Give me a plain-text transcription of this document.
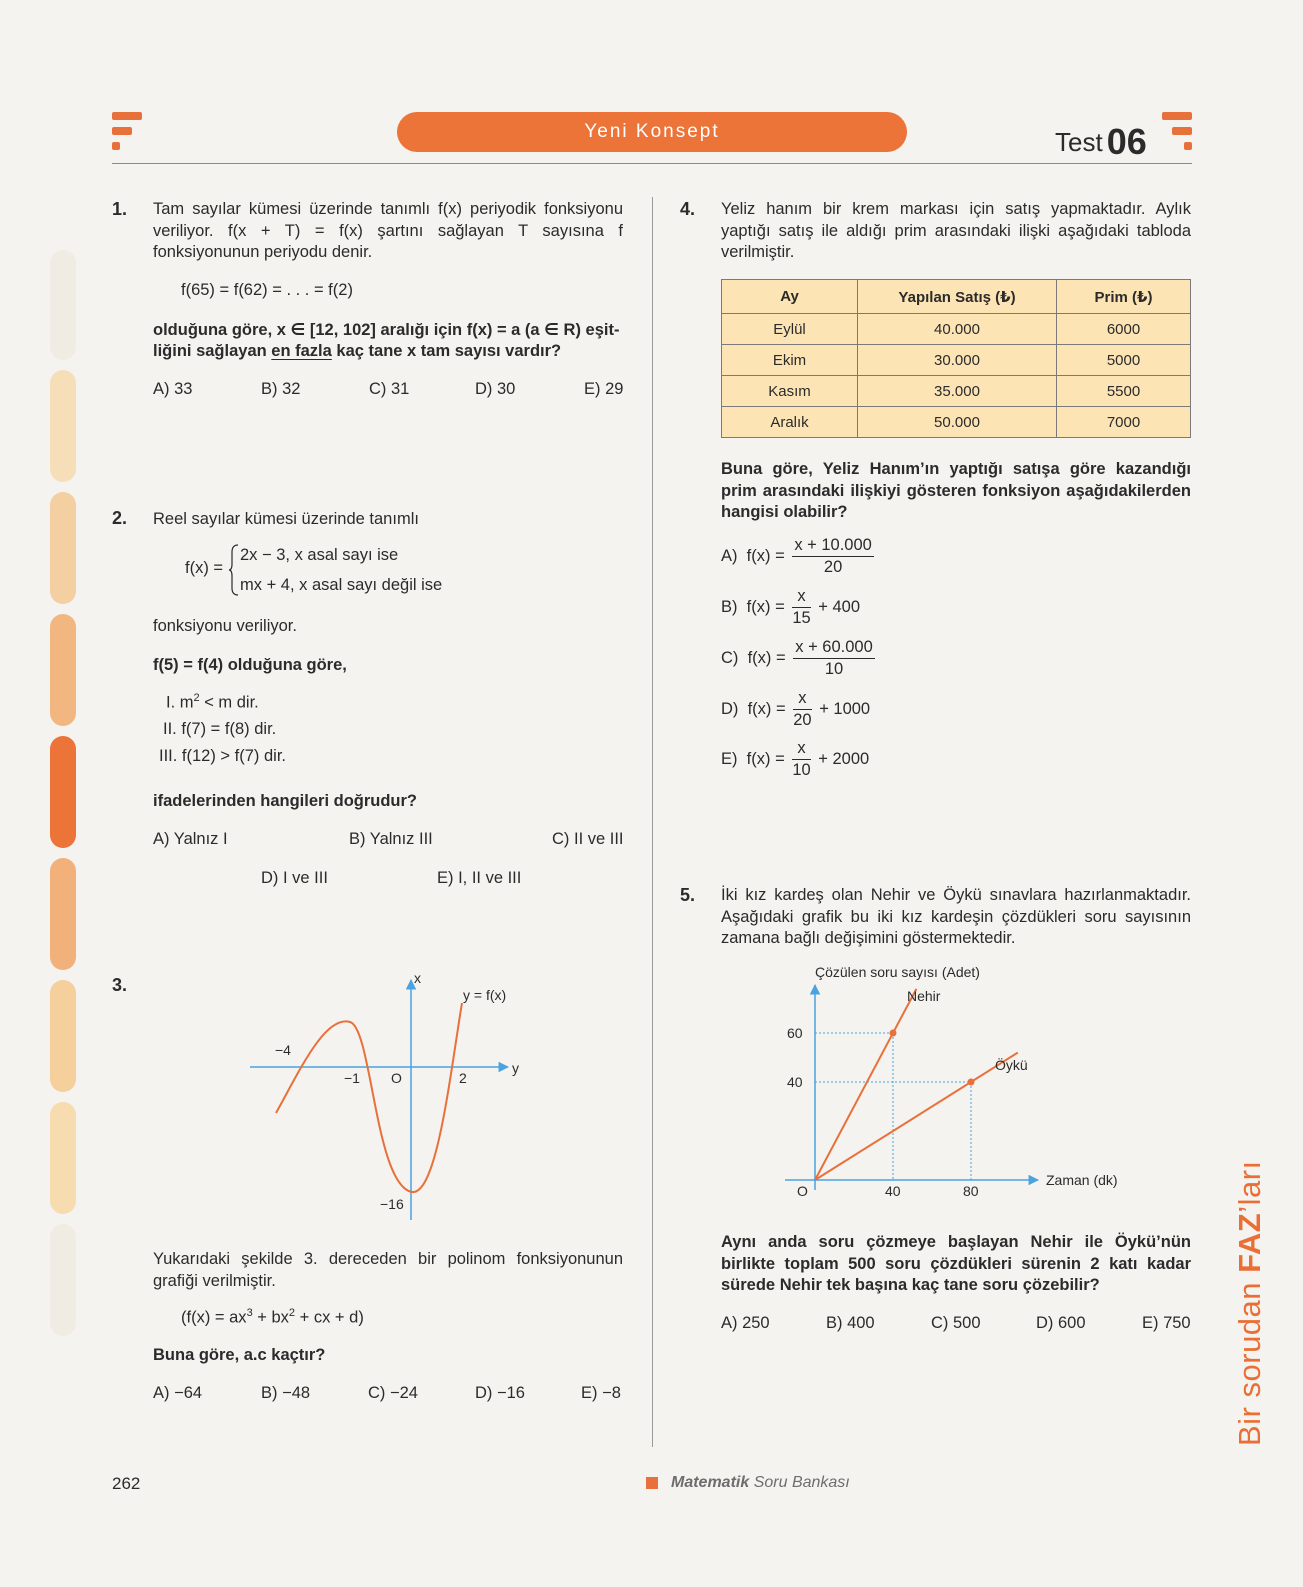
Yeni Konsept	Test 06
1. Tam sayılar kümesi üzerinde tanımlı f(x) periyodik fonksiyonu veriliyor. f(x + T) = f(x) şartını sağlayan T sayısına f fonksiyonunun periyodu denir.
f(65) = f(62) = . . . = f(2)
olduğuna göre, x ∈ [12, 102] aralığı için f(x) = a (a ∈ R) eşit-
liğini sağlayan en fazla kaç tane x tam sayısı vardır?
A) 33	B) 32	C) 31	D) 30	E) 29
2. Reel sayılar kümesi üzerinde tanımlı
f(x) =
2x − 3, x asal sayı ise
mx + 4, x asal sayı değil ise
fonksiyonu veriliyor.
f(5) = f(4) olduğuna göre,
I. $m^2 < m$ dir.
II. f(7) = f(8) dir.
III. f(12) > f(7) dir.
ifadelerinden hangileri doğrudur?
A) Yalnız I	B) Yalnız III	C) II ve III
D) I ve III	E) I, II ve III
3.	x
y
y = f(x)
−4
−1 O	2
−16
Yukarıdaki şekilde 3. dereceden bir polinom fonksiyonunun grafiği verilmiştir.
($f(x) = ax^3 + bx^2$ + cx + d)
Buna göre, a.c kaçtır?
A) −64	B) −48	C) −24	D) −16	E) −8
4. Yeliz hanım bir krem markası için satış yapmaktadır. Aylık yaptığı satış ile aldığı prim arasındaki ilişki aşağıdaki tabloda verilmiştir.
Ay	Yapılan Satış (₺)	Prim (₺)
Eylül	40.000	6000
Ekim	30.000	5000
Kasım	35.000	5500
Aralık	50.000	7000
Buna göre, Yeliz Hanım’ın yaptığı satışa göre kazandığı prim arasındaki ilişkiyi gösteren fonksiyon aşağıdakilerden hangisi olabilir?
A) $f(x) = \frac{x + 10.000}{20}$
B) $f(x) = \frac{x}{15} + 400$
C) $f(x) = \frac{x + 60.000}{10}$
D) $f(x) = \frac{x}{20} + 1000$
E) $f(x) = \frac{x}{10} + 2000$
5. İki kız kardeş olan Nehir ve Öykü sınavlara hazırlanmaktadır. Aşağıdaki grafik bu iki kız kardeşin çözdükleri soru sayısının zamana bağlı değişimini göstermektedir.
Nehir
Öykü
40	80
60
40
Çözülen soru sayısı (Adet)
Zaman (dk)
O
Aynı anda soru çözmeye başlayan Nehir ile Öykü’nün birlikte toplam 500 soru çözdükleri sürenin 2 katı kadar sürede Nehir tek başına kaç tane soru çözebilir?
A) 250	B) 400	C) 500	D) 600	E) 750
262	Matematik Soru Bankası
Bir sorudan FAZ’ları
